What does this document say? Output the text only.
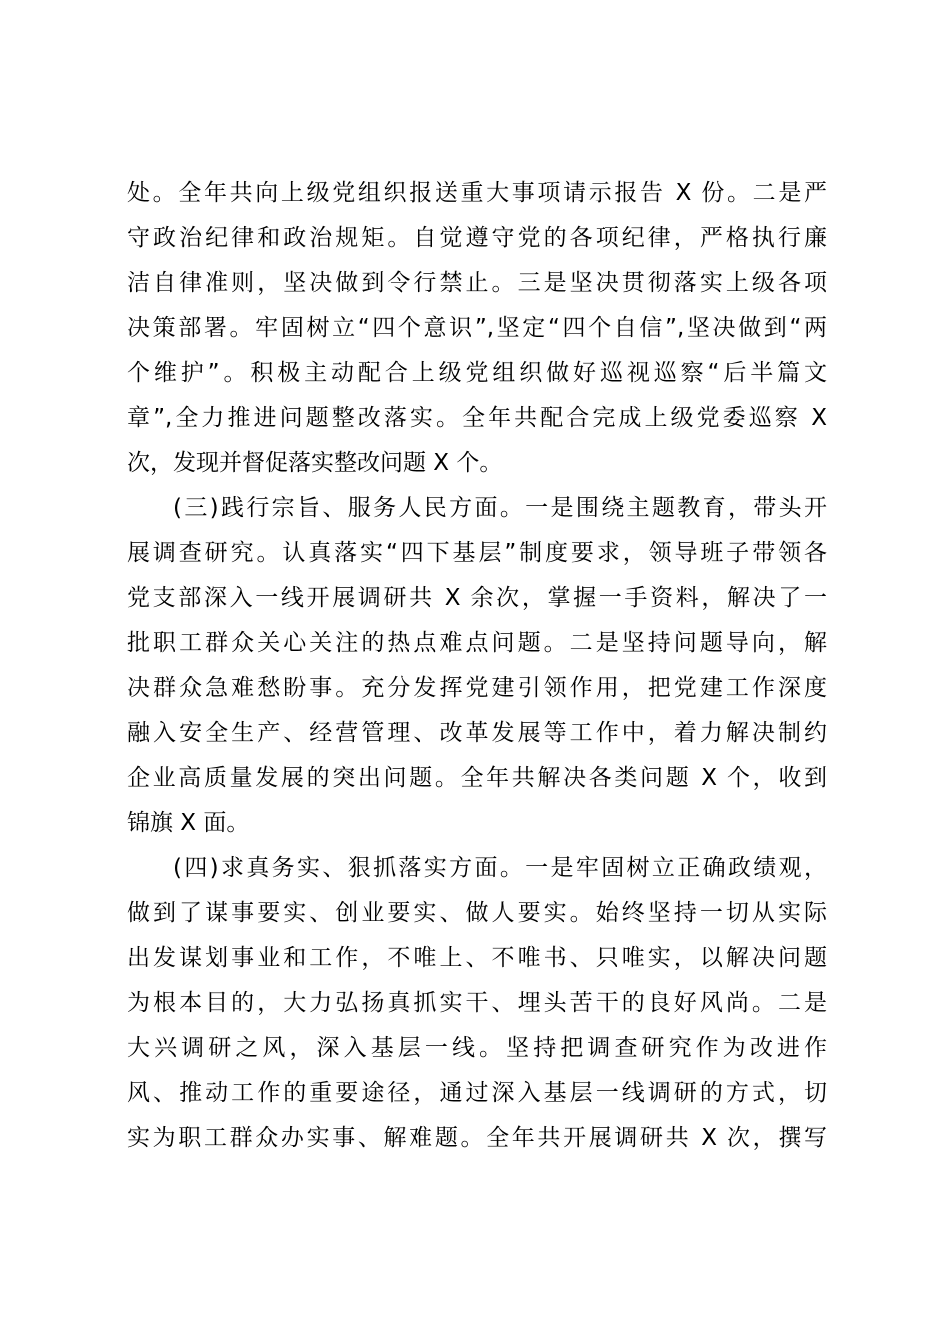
处。全年共向上级党组织报送重大事项请示报告 X 份。二是严
守政治纪律和政治规矩。自觉遵守党的各项纪律，严格执行廉
洁自律准则，坚决做到令行禁止。三是坚决贯彻落实上级各项
决策部署。牢固树立“四个意识”,坚定“四个自信”,坚决做到“两
个维护”。积极主动配合上级党组织做好巡视巡察“后半篇文
章”,全力推进问题整改落实。全年共配合完成上级党委巡察 X
次，发现并督促落实整改问题 X 个。
(三)践行宗旨、服务人民方面。一是围绕主题教育，带头开
展调查研究。认真落实“四下基层”制度要求，领导班子带领各
党支部深入一线开展调研共 X 余次，掌握一手资料，解决了一
批职工群众关心关注的热点难点问题。二是坚持问题导向，解
决群众急难愁盼事。充分发挥党建引领作用，把党建工作深度
融入安全生产、经营管理、改革发展等工作中，着力解决制约
企业高质量发展的突出问题。全年共解决各类问题 X 个，收到
锦旗 X 面。
(四)求真务实、狠抓落实方面。一是牢固树立正确政绩观，
做到了谋事要实、创业要实、做人要实。始终坚持一切从实际
出发谋划事业和工作，不唯上、不唯书、只唯实，以解决问题
为根本目的，大力弘扬真抓实干、埋头苦干的良好风尚。二是
大兴调研之风，深入基层一线。坚持把调查研究作为改进作
风、推动工作的重要途径，通过深入基层一线调研的方式，切
实为职工群众办实事、解难题。全年共开展调研共 X 次，撰写
